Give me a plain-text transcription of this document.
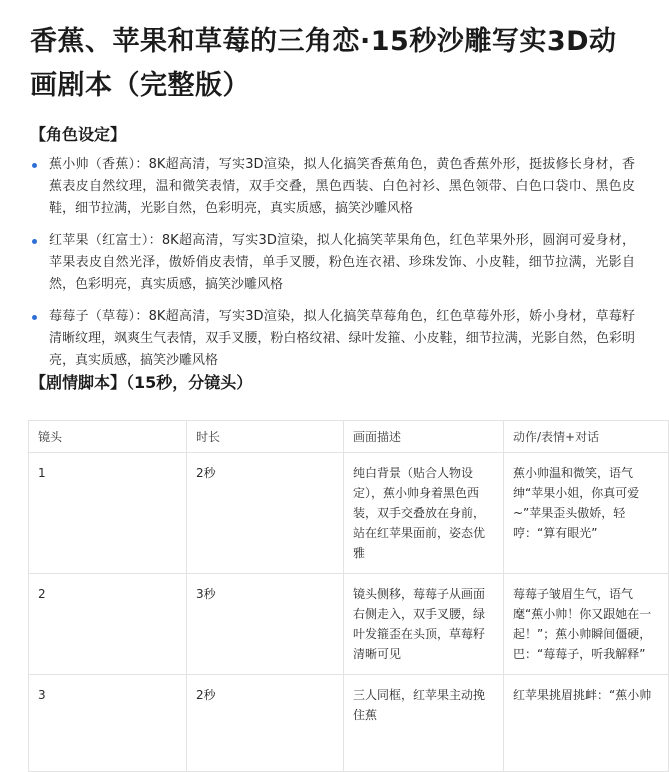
香蕉、苹果和草莓的三角恋·15秒沙雕写实3D动画剧本（完整版）
【角色设定】
蕉小帅（香蕉）：8K超高清，写实3D渲染，拟人化搞笑香蕉角色，黄色香蕉外形，挺拔修长身材，香蕉表皮自然纹理，温和微笑表情，双手交叠，黑色西装、白色衬衫、黑色领带、白色口袋巾、黑色皮鞋，细节拉满，光影自然，色彩明亮，真实质感，搞笑沙雕风格
红苹果（红富士）：8K超高清，写实3D渲染，拟人化搞笑苹果角色，红色苹果外形，圆润可爱身材，苹果表皮自然光泽，傲娇俏皮表情，单手叉腰，粉色连衣裙、珍珠发饰、小皮鞋，细节拉满，光影自然，色彩明亮，真实质感，搞笑沙雕风格
莓莓子（草莓）：8K超高清，写实3D渲染，拟人化搞笑草莓角色，红色草莓外形，娇小身材，草莓籽清晰纹理，飒爽生气表情，双手叉腰，粉白格纹裙、绿叶发箍、小皮鞋，细节拉满，光影自然，色彩明亮，真实质感，搞笑沙雕风格
【剧情脚本】（15秒，分镜头）
镜头	时长	画面描述	动作/表情+对话
1	2秒	纯白背景（贴合人物设定），蕉小帅身着黑色西装，双手交叠放在身前，站在红苹果面前，姿态优雅	蕉小帅温和微笑，语气绅“苹果小姐，你真可爱~”苹果歪头傲娇，轻哼：“算有眼光”
2	3秒	镜头侧移，莓莓子从画面右侧走入，双手叉腰，绿叶发箍歪在头顶，草莓籽清晰可见	莓莓子皱眉生气，语气麾“蕉小帅！你又跟她在一起！”；蕉小帅瞬间僵硬，巴：“莓莓子，听我解释”
3	2秒	三人同框，红苹果主动挽住蕉	红苹果挑眉挑衅：“蕉小帅
